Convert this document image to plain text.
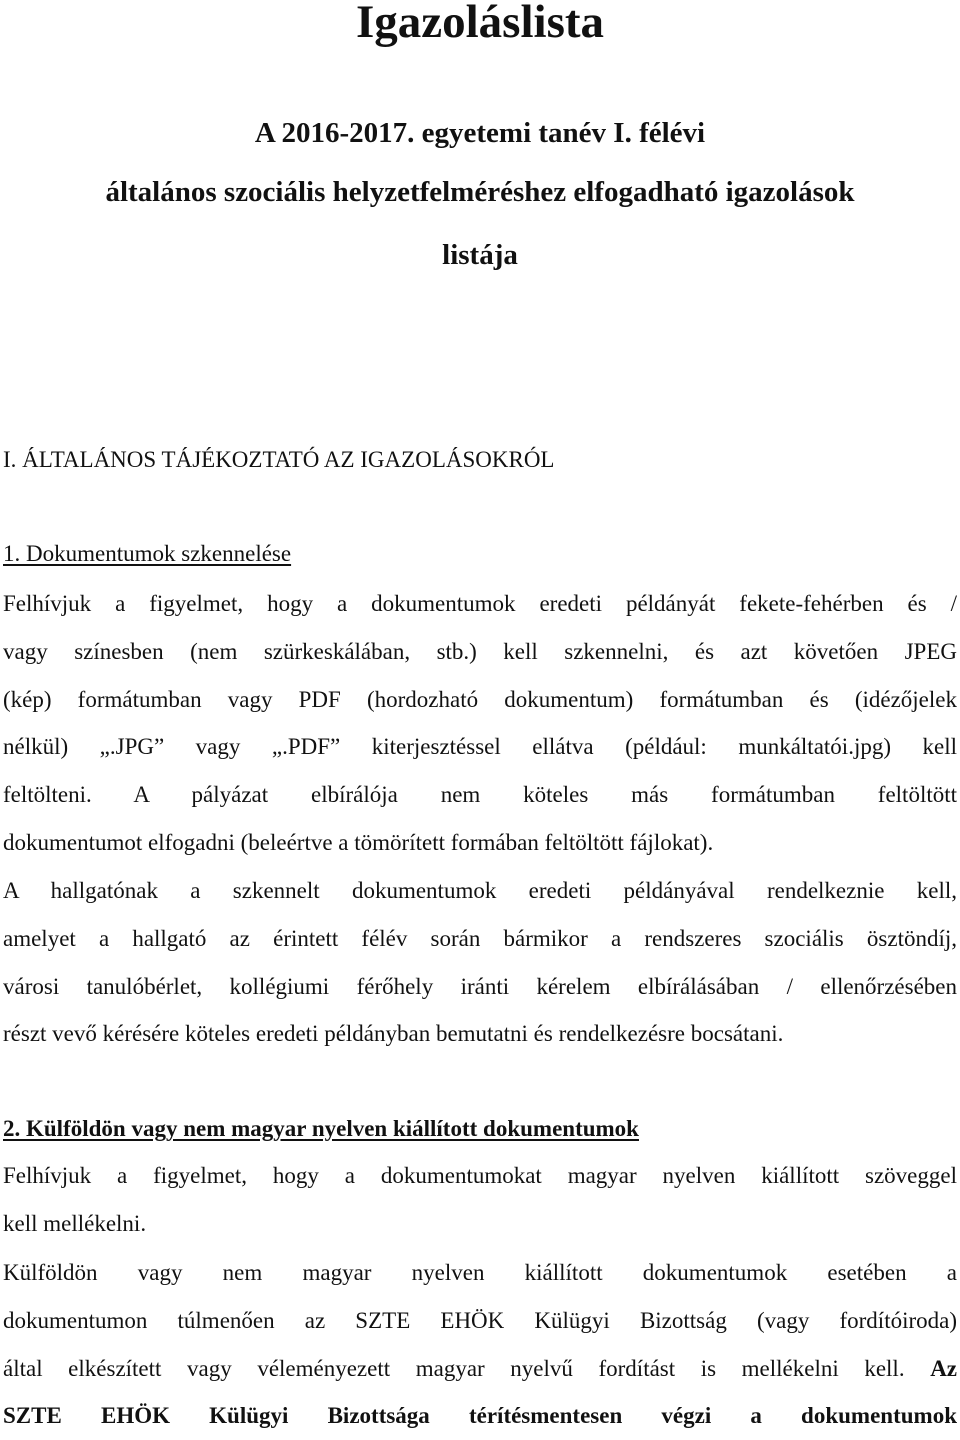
Igazoláslista
A 2016-2017. egyetemi tanév I. félévi
általános szociális helyzetfelméréshez elfogadható igazolások
listája
I. ÁLTALÁNOS TÁJÉKOZTATÓ AZ IGAZOLÁSOKRÓL
1. Dokumentumok szkennelése
Felhívjuk a figyelmet, hogy a dokumentumok eredeti példányát fekete-fehérben és /
vagy színesben (nem szürkeskálában, stb.) kell szkennelni, és azt követően JPEG
(kép) formátumban vagy PDF (hordozható dokumentum) formátumban és (idézőjelek
nélkül) „.JPG” vagy „.PDF” kiterjesztéssel ellátva (például: munkáltatói.jpg) kell
feltölteni. A pályázat elbírálója nem köteles más formátumban feltöltött
dokumentumot elfogadni (beleértve a tömörített formában feltöltött fájlokat).
A hallgatónak a szkennelt dokumentumok eredeti példányával rendelkeznie kell,
amelyet a hallgató az érintett félév során bármikor a rendszeres szociális ösztöndíj,
városi tanulóbérlet, kollégiumi férőhely iránti kérelem elbírálásában / ellenőrzésében
részt vevő kérésére köteles eredeti példányban bemutatni és rendelkezésre bocsátani.
2. Külföldön vagy nem magyar nyelven kiállított dokumentumok
Felhívjuk a figyelmet, hogy a dokumentumokat magyar nyelven kiállított szöveggel
kell mellékelni.
Külföldön vagy nem magyar nyelven kiállított dokumentumok esetében a
dokumentumon túlmenően az SZTE EHÖK Külügyi Bizottság (vagy fordítóiroda)
által elkészített vagy véleményezett magyar nyelvű fordítást is mellékelni kell. Az
SZTE EHÖK Külügyi Bizottsága térítésmentesen végzi a dokumentumok
